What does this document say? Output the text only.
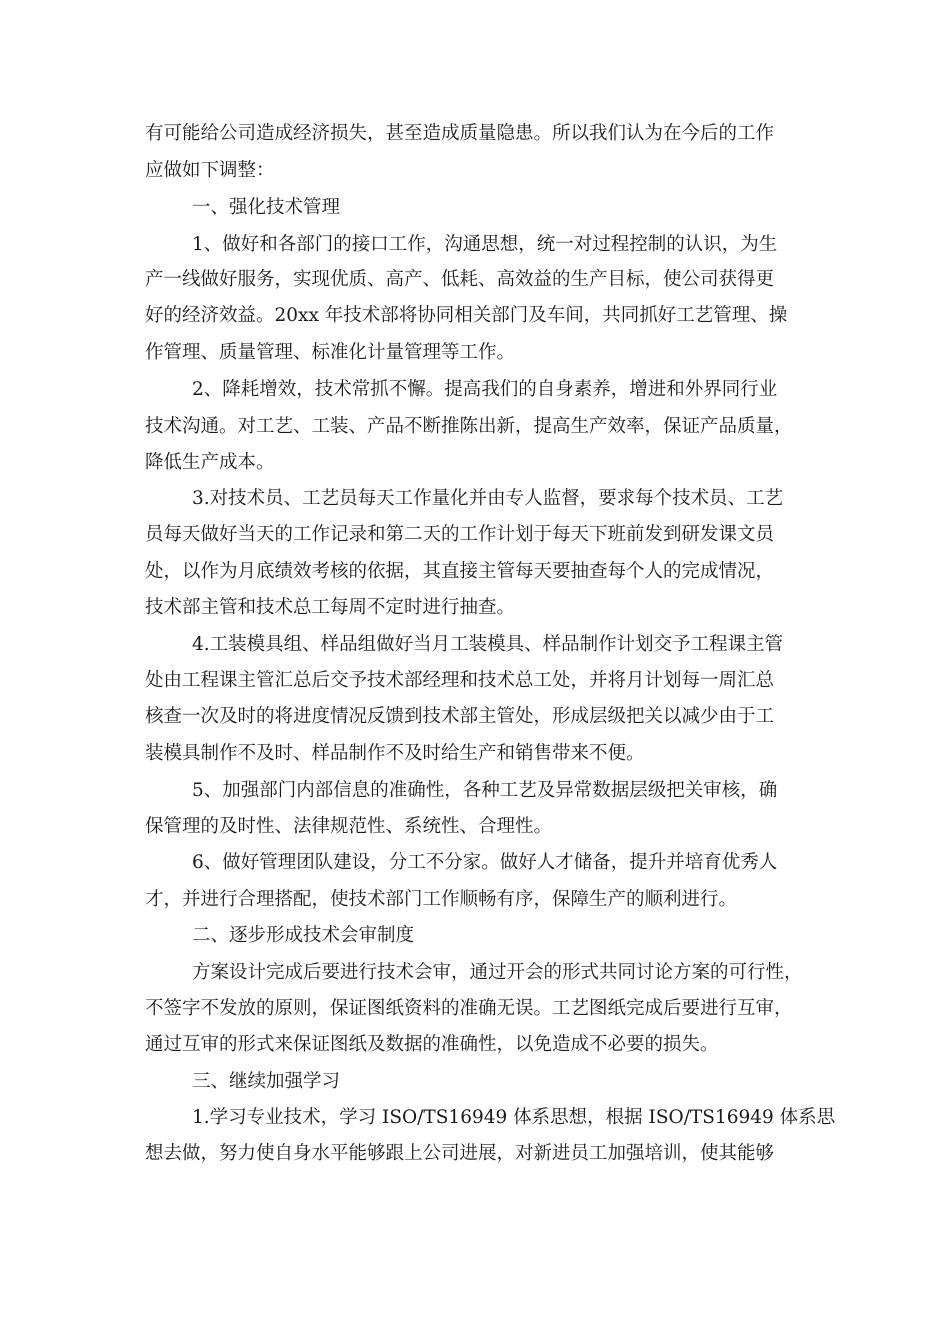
有可能给公司造成经济损失，甚至造成质量隐患。所以我们认为在今后的工作
应做如下调整：
一、强化技术管理
1、做好和各部门的接口工作，沟通思想，统一对过程控制的认识，为生
产一线做好服务，实现优质、高产、低耗、高效益的生产目标，使公司获得更
好的经济效益。20xx 年技术部将协同相关部门及车间，共同抓好工艺管理、操
作管理、质量管理、标准化计量管理等工作。
2、降耗增效，技术常抓不懈。提高我们的自身素养，增进和外界同行业
技术沟通。对工艺、工装、产品不断推陈出新，提高生产效率，保证产品质量，
降低生产成本。
3.对技术员、工艺员每天工作量化并由专人监督，要求每个技术员、工艺
员每天做好当天的工作记录和第二天的工作计划于每天下班前发到研发课文员
处，以作为月底绩效考核的依据，其直接主管每天要抽查每个人的完成情况，
技术部主管和技术总工每周不定时进行抽查。
4.工装模具组、样品组做好当月工装模具、样品制作计划交予工程课主管
处由工程课主管汇总后交予技术部经理和技术总工处，并将月计划每一周汇总
核查一次及时的将进度情况反馈到技术部主管处，形成层级把关以减少由于工
装模具制作不及时、样品制作不及时给生产和销售带来不便。
5、加强部门内部信息的准确性，各种工艺及异常数据层级把关审核，确
保管理的及时性、法律规范性、系统性、合理性。
6、做好管理团队建设，分工不分家。做好人才储备，提升并培育优秀人
才，并进行合理搭配，使技术部门工作顺畅有序，保障生产的顺利进行。
二、逐步形成技术会审制度
方案设计完成后要进行技术会审，通过开会的形式共同讨论方案的可行性，
不签字不发放的原则，保证图纸资料的准确无误。工艺图纸完成后要进行互审，
通过互审的形式来保证图纸及数据的准确性，以免造成不必要的损失。
三、继续加强学习
1.学习专业技术，学习 ISO/TS16949 体系思想，根据 ISO/TS16949 体系思
想去做，努力使自身水平能够跟上公司进展，对新进员工加强培训，使其能够
